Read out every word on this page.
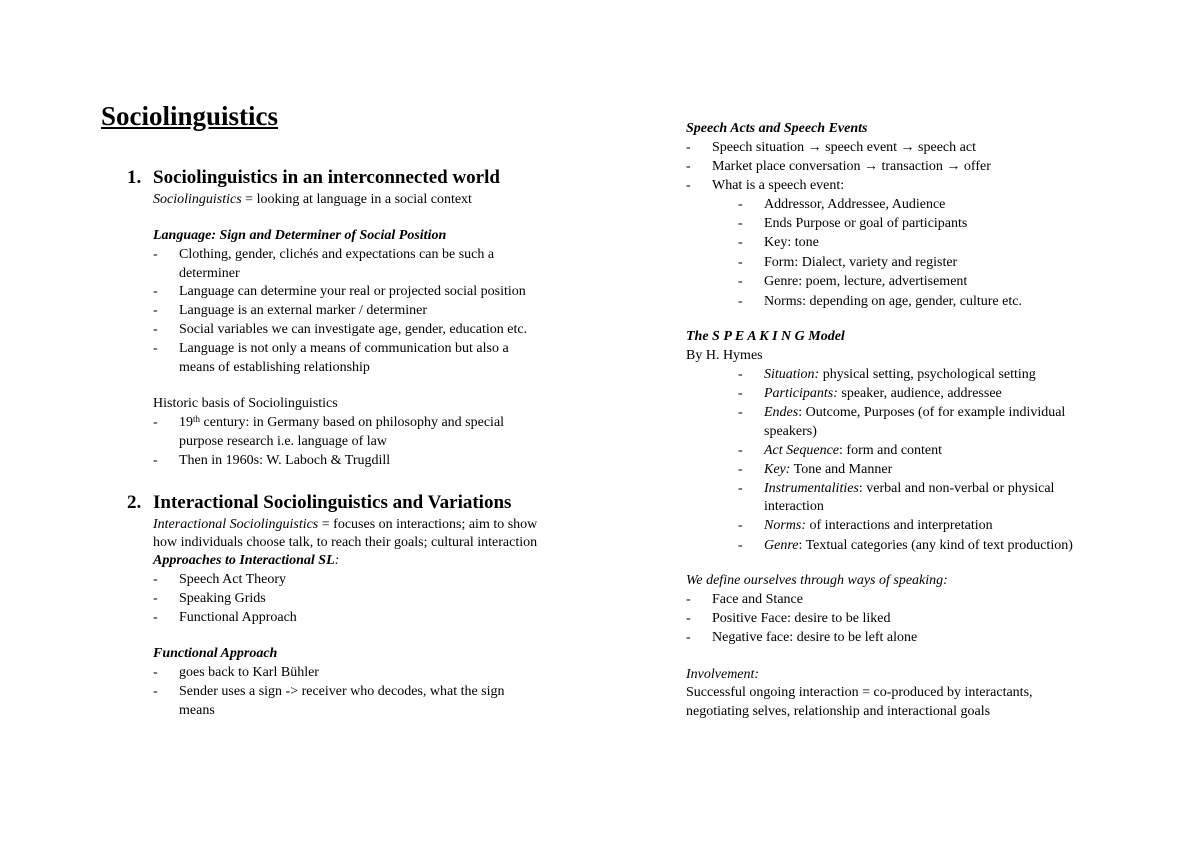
Sociolinguistics
1. Sociolinguistics in an interconnected world
Sociolinguistics = looking at language in a social context
Language: Sign and Determiner of Social Position
- Clothing, gender, clichés and expectations can be such a
determiner
- Language can determine your real or projected social position
- Language is an external marker / determiner
- Social variables we can investigate age, gender, education etc.
- Language is not only a means of communication but also a
means of establishing relationship
Historic basis of Sociolinguistics
- 19th century: in Germany based on philosophy and special
purpose research i.e. language of law
- Then in 1960s: W. Laboch & Trugdill
2. Interactional Sociolinguistics and Variations
Interactional Sociolinguistics = focuses on interactions; aim to show
how individuals choose talk, to reach their goals; cultural interaction
Approaches to Interactional SL:
- Speech Act Theory
- Speaking Grids
- Functional Approach
Functional Approach
- goes back to Karl Bühler
- Sender uses a sign -> receiver who decodes, what the sign
means
Speech Acts and Speech Events
- Speech situation → speech event → speech act
- Market place conversation → transaction → offer
- What is a speech event:
- Addressor, Addressee, Audience
- Ends Purpose or goal of participants
- Key: tone
- Form: Dialect, variety and register
- Genre: poem, lecture, advertisement
- Norms: depending on age, gender, culture etc.
The S P E A K I N G Model
By H. Hymes
- Situation: physical setting, psychological setting
- Participants: speaker, audience, addressee
- Endes: Outcome, Purposes (of for example individual
speakers)
- Act Sequence: form and content
- Key: Tone and Manner
- Instrumentalities: verbal and non-verbal or physical
interaction
- Norms: of interactions and interpretation
- Genre: Textual categories (any kind of text production)
We define ourselves through ways of speaking:
- Face and Stance
- Positive Face: desire to be liked
- Negative face: desire to be left alone
Involvement:
Successful ongoing interaction = co-produced by interactants,
negotiating selves, relationship and interactional goals
